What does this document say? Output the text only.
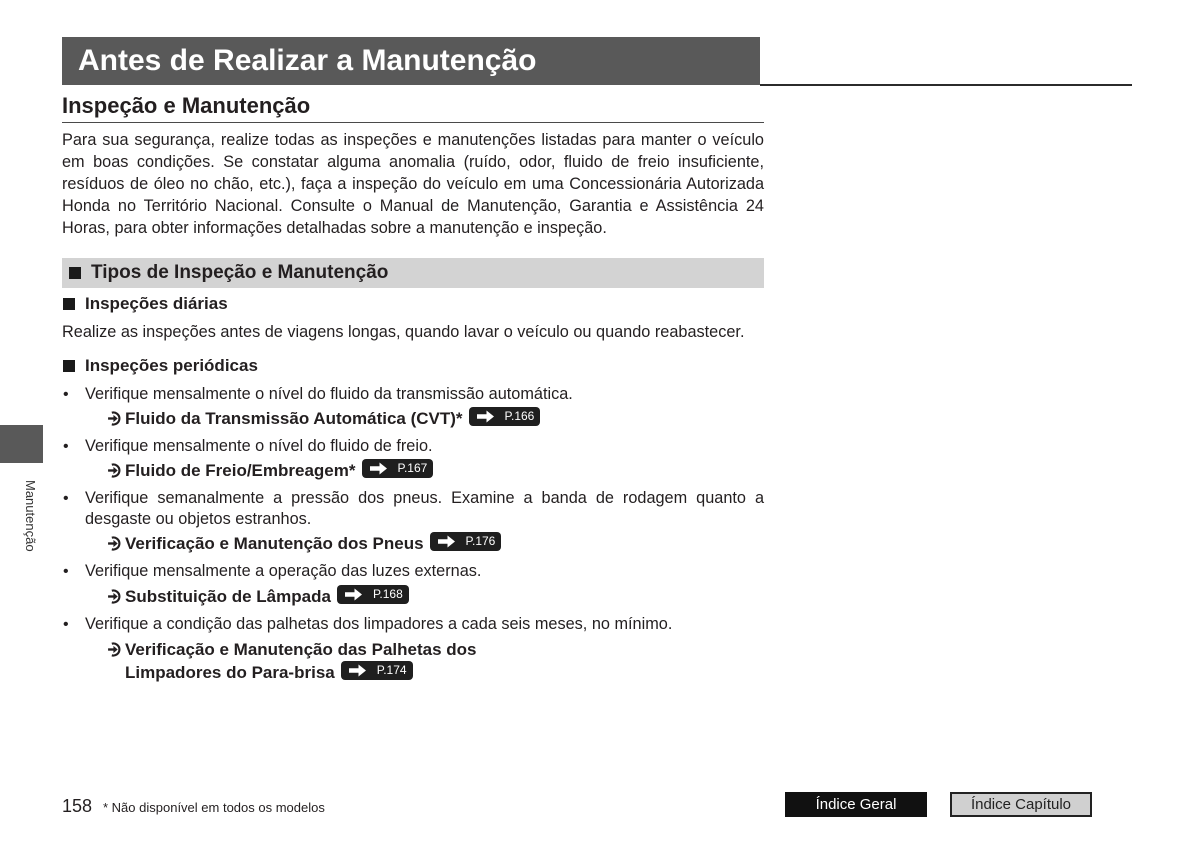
Antes de Realizar a Manutenção
Inspeção e Manutenção
Para sua segurança, realize todas as inspeções e manutenções listadas para manter o veículo
em boas condições. Se constatar alguma anomalia (ruído, odor, fluido de freio insuficiente,
resíduos de óleo no chão, etc.), faça a inspeção do veículo em uma Concessionária Autorizada
Honda no Território Nacional. Consulte o Manual de Manutenção, Garantia e Assistência 24
Horas, para obter informações detalhadas sobre a manutenção e inspeção.
Tipos de Inspeção e Manutenção
Inspeções diárias
Realize as inspeções antes de viagens longas, quando lavar o veículo ou quando reabastecer.
Inspeções periódicas
• Verifique mensalmente o nível do fluido da transmissão automática.
Fluido da Transmissão Automática (CVT)*	P.166
• Verifique mensalmente o nível do fluido de freio.
Fluido de Freio/Embreagem*	P.167
• Verifique semanalmente a pressão dos pneus. Examine a banda de rodagem quanto a
desgaste ou objetos estranhos.
Verificação e Manutenção dos Pneus	P.176
• Verifique mensalmente a operação das luzes externas.
Substituição de Lâmpada	P.168
• Verifique a condição das palhetas dos limpadores a cada seis meses, no mínimo.
Verificação e Manutenção das Palhetas dos
Limpadores do Para-brisa	P.174
Manutenção
158 * Não disponível em todos os modelos	Índice Geral	Índice Capítulo
